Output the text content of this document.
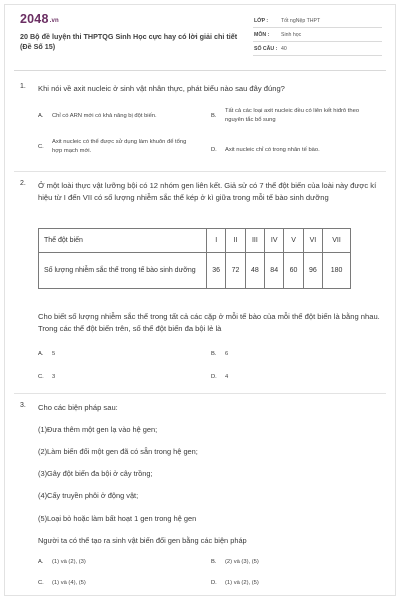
2048.vn
20 Bộ đề luyện thi THPTQG Sinh Học cực hay có lời giải chi tiết (Đề Số 15)
LỚP : Tốt ngNệp THPT
MÔN : Sinh học
SỐ CÂU : 40
1. Khi nói về axit nucleic ở sinh vật nhân thực, phát biểu nào sau đây đúng?
A. Chỉ có ARN mới có khả năng bị đột biến.	B.
Tất cả các loại axit nucleic đều có liên kết hiđrô theo nguyên tắc bổ sung
C.
Axit nucleic có thể được sử dụng làm khuôn để tổng hợp mạch mới.	D. Axit nucleic chỉ có trong nhân tế bào.
2. Ở một loài thực vật lưỡng bội có 12 nhóm gen liên kết. Giả sử có 7 thể đột biến của loài này được kí hiệu từ I đến VII có số lượng nhiễm sắc thể kép ở kì giữa trong mỗi tế bào sinh dưỡng
Thể đột biến	I	II	III	IV	V	VI	VII
Số lượng nhiễm sắc thể trong tế bào sinh dưỡng	36	72	48	84	60	96	180
Cho biết số lượng nhiễm sắc thể trong tất cả các cặp ở mỗi tế bào của mỗi thể đột biến là bằng nhau. Trong các thể đột biến trên, số thể đột biến đa bội lẻ là
A. 5	B. 6
C. 3	D. 4
3. Cho các biện pháp sau:
(1)Đưa thêm một gen lạ vào hệ gen;
(2)Làm biến đổi một gen đã có sẵn trong hệ gen;
(3)Gây đột biến đa bội ở cây trồng;
(4)Cấy truyền phôi ở động vật;
(5)Loại bỏ hoặc làm bất hoạt 1 gen trong hệ gen
Người ta có thể tạo ra sinh vật biến đổi gen bằng các biện pháp
A. (1) và (2), (3)	B. (2) và (3), (5)
C. (1) và (4), (5)	D. (1) và (2), (5)
